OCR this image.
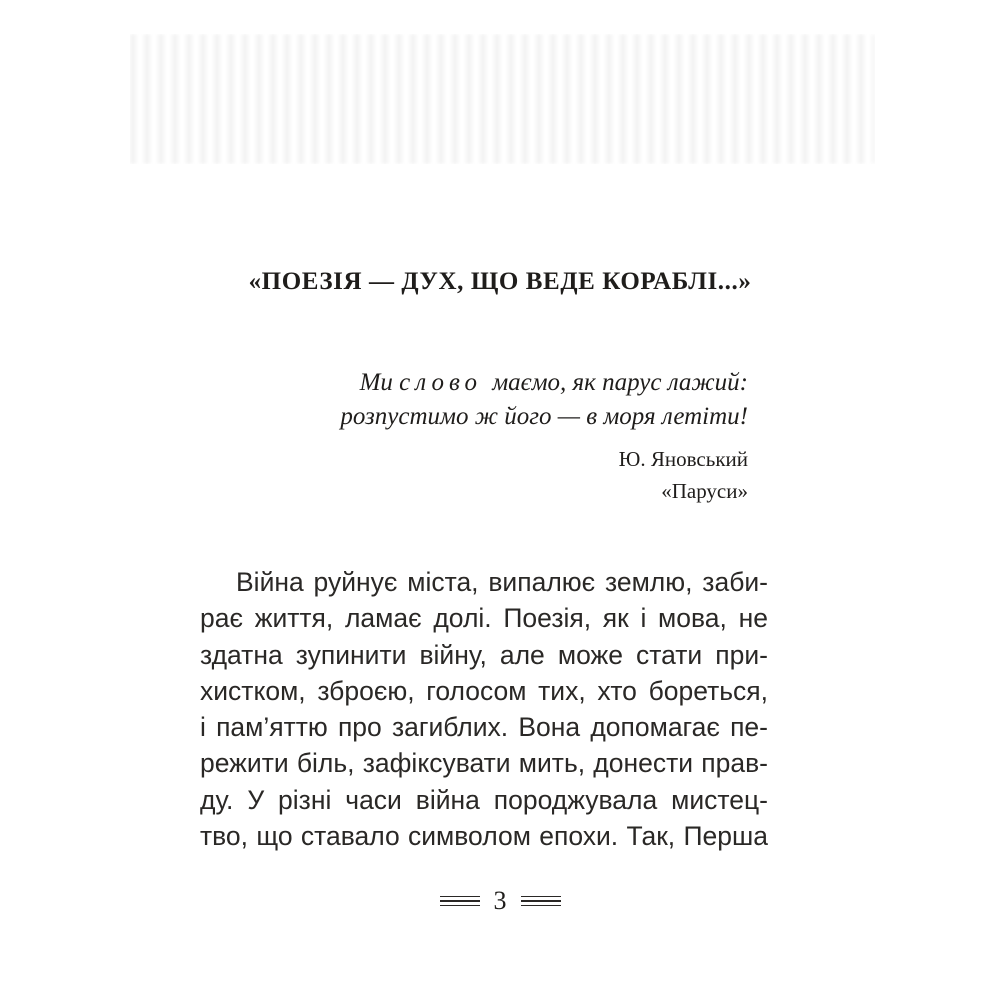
«ПОЕЗІЯ — ДУХ, ЩО ВЕДЕ КОРАБЛІ...»
Ми слово маємо, як парус лажий:
розпустимо ж його — в моря летіти!
Ю. Яновський
«Паруси»
Війна руйнує міста, випалює землю, заби-
рає життя, ламає долі. Поезія, як і мова, не
здатна зупинити війну, але може стати при-
хистком, зброєю, голосом тих, хто бореться,
і пам’яттю про загиблих. Вона допомагає пе-
режити біль, зафіксувати мить, донести прав-
ду. У різні часи війна породжувала мистец-
тво, що ставало символом епохи. Так, Перша
3
